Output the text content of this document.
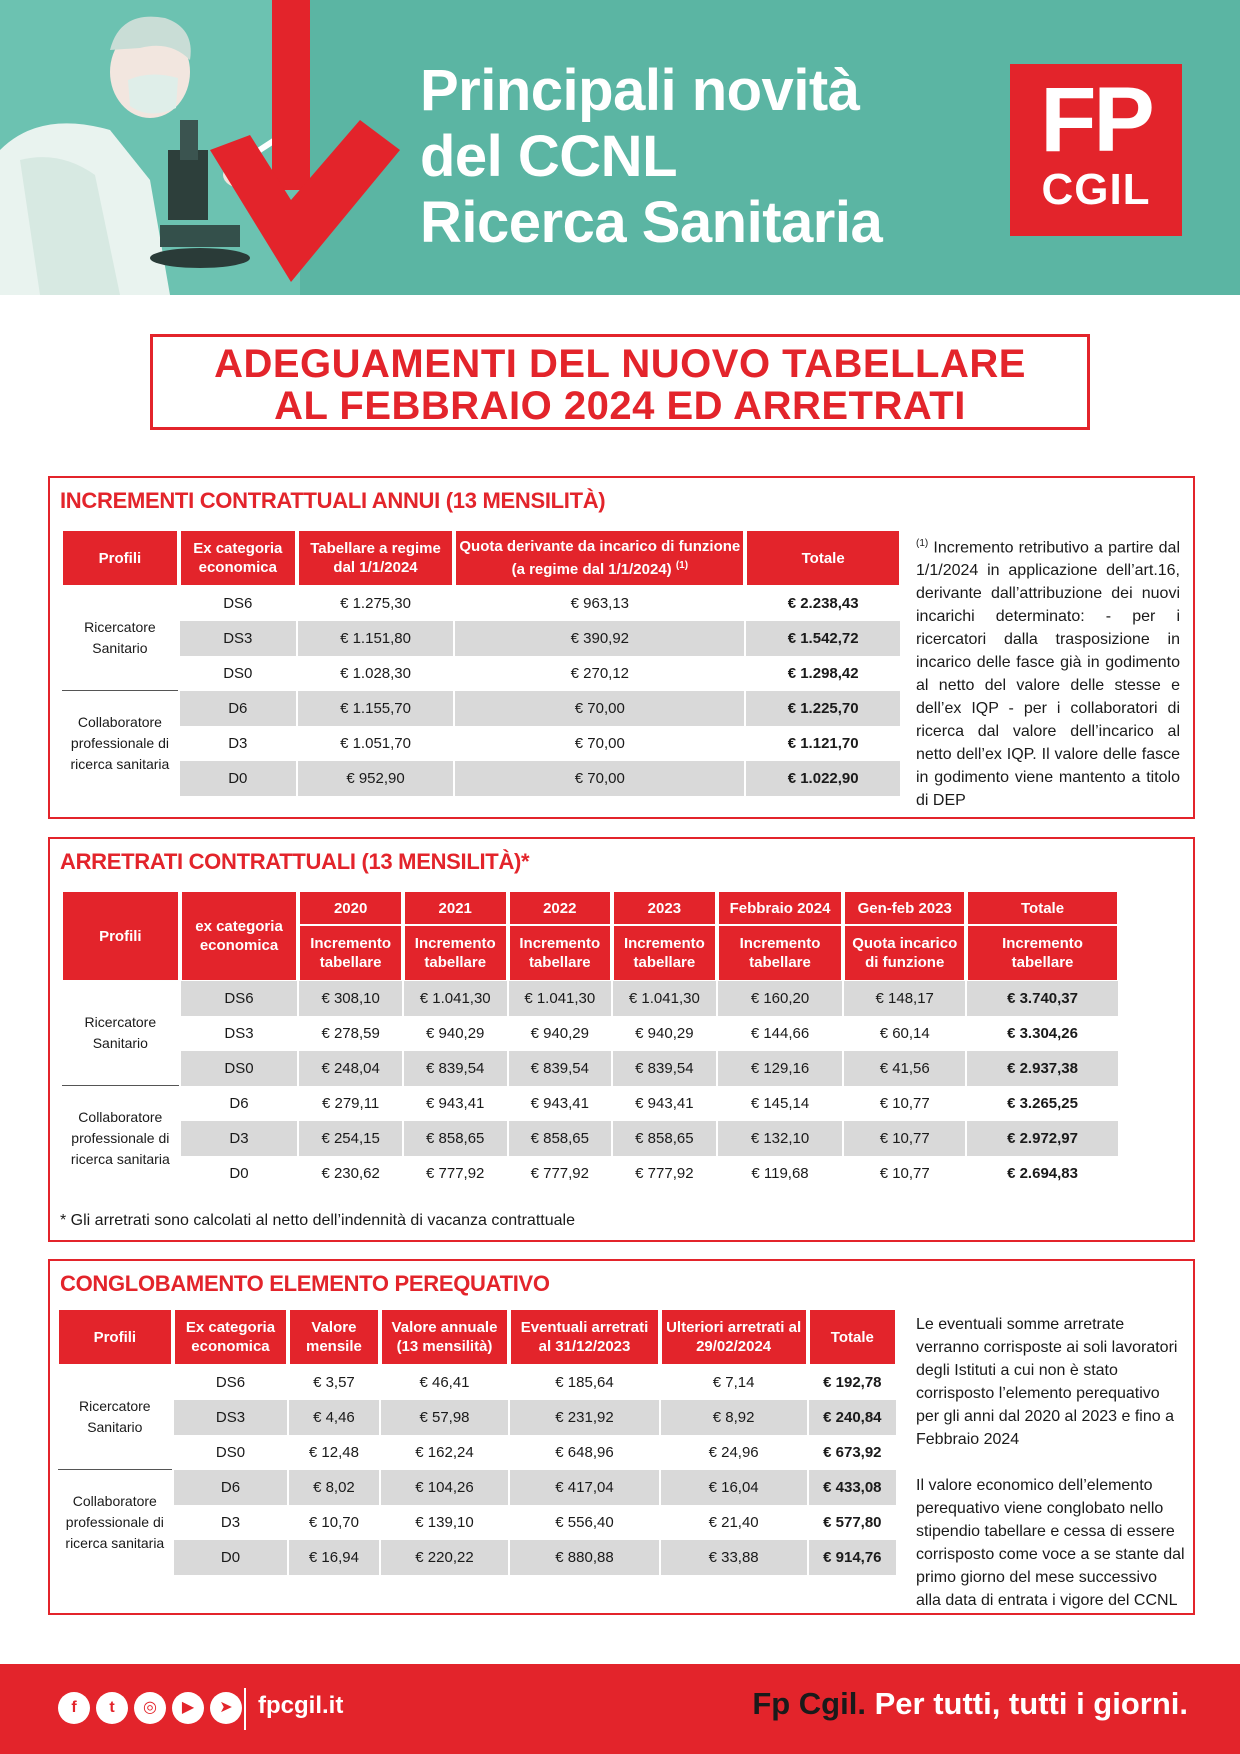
Principali novità
del CCNL
Ricerca Sanitaria
FP
CGIL
ADEGUAMENTI DEL NUOVO TABELLARE
AL FEBBRAIO 2024 ED ARRETRATI
INCREMENTI CONTRATTUALI ANNUI (13 MENSILITÀ)
Profili	Ex categoria economica	Tabellare a regime dal 1/1/2024	Quota derivante da incarico di funzione (a regime dal 1/1/2024) $^{(1)}$	Totale
Ricercatore Sanitario	DS6	€ 1.275,30	€ 963,13	€ 2.238,43
	DS3	€ 1.151,80	€ 390,92	€ 1.542,72
	DS0	€ 1.028,30	€ 270,12	€ 1.298,42
Collaboratore professionale di ricerca sanitaria	D6	€ 1.155,70	€ 70,00	€ 1.225,70
	D3	€ 1.051,70	€ 70,00	€ 1.121,70
	D0	€ 952,90	€ 70,00	€ 1.022,90
$^{(1)}$ Incremento retributivo a partire dal 1/1/2024 in applicazione dell’art.16, derivante dall’attribuzione dei nuovi incarichi determinato: - per i ricercatori dalla trasposizione in incarico delle fasce già in godimento al netto del valore delle stesse e dell’ex IQP - per i collaboratori di ricerca dal valore dell’incarico al netto dell’ex IQP. Il valore delle fasce in godimento viene mantento a titolo di DEP
ARRETRATI CONTRATTUALI (13 MENSILITÀ)*
Profili	ex categoria economica	2020	2021	2022	2023	Febbraio 2024	Gen-feb 2023	Totale
		Incremento tabellare	Incremento tabellare	Incremento tabellare	Incremento tabellare	Incremento tabellare	Quota incarico di funzione	Incremento tabellare
Ricercatore Sanitario	DS6	€ 308,10	€ 1.041,30	€ 1.041,30	€ 1.041,30	€ 160,20	€ 148,17	€ 3.740,37
	DS3	€ 278,59	€ 940,29	€ 940,29	€ 940,29	€ 144,66	€ 60,14	€ 3.304,26
	DS0	€ 248,04	€ 839,54	€ 839,54	€ 839,54	€ 129,16	€ 41,56	€ 2.937,38
Collaboratore professionale di ricerca sanitaria	D6	€ 279,11	€ 943,41	€ 943,41	€ 943,41	€ 145,14	€ 10,77	€ 3.265,25
	D3	€ 254,15	€ 858,65	€ 858,65	€ 858,65	€ 132,10	€ 10,77	€ 2.972,97
	D0	€ 230,62	€ 777,92	€ 777,92	€ 777,92	€ 119,68	€ 10,77	€ 2.694,83
* Gli arretrati sono calcolati al netto dell’indennità di vacanza contrattuale
CONGLOBAMENTO ELEMENTO PEREQUATIVO
Profili	Ex categoria economica	Valore mensile	Valore annuale (13 mensilità)	Eventuali arretrati al 31/12/2023	Ulteriori arretrati al 29/02/2024	Totale
Ricercatore Sanitario	DS6	€ 3,57	€ 46,41	€ 185,64	€ 7,14	€ 192,78
	DS3	€ 4,46	€ 57,98	€ 231,92	€ 8,92	€ 240,84
	DS0	€ 12,48	€ 162,24	€ 648,96	€ 24,96	€ 673,92
Collaboratore professionale di ricerca sanitaria	D6	€ 8,02	€ 104,26	€ 417,04	€ 16,04	€ 433,08
	D3	€ 10,70	€ 139,10	€ 556,40	€ 21,40	€ 577,80
	D0	€ 16,94	€ 220,22	€ 880,88	€ 33,88	€ 914,76

Le eventuali somme arretrate verranno corrisposte ai soli lavoratori degli Istituti a cui non è stato corrisposto l’elemento perequativo per gli anni dal 2020 al 2023 e fino a Febbraio 2024

Il valore economico dell’elemento perequativo viene conglobato nello stipendio tabellare e cessa di essere corrisposto come voce a se stante dal primo giorno del mese successivo alla data di entrata i vigore del CCNL

f	t	◎	▶	➤	fpcgil.it	Fp Cgil. Per tutti, tutti i giorni.
